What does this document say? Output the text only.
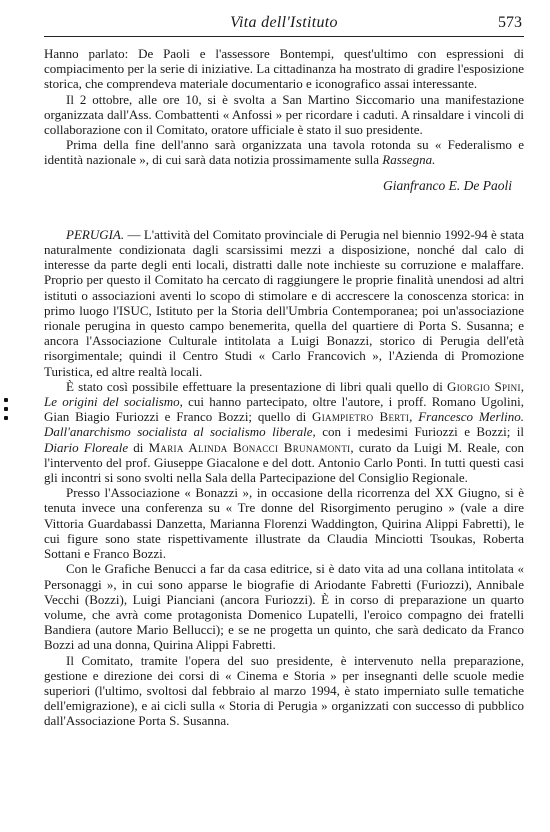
Vita dell'Istituto	573

Hanno parlato: De Paoli e l'assessore Bontempi, quest'ultimo con espressioni di compiacimento per la serie di iniziative. La cittadinanza ha mostrato di gradire l'esposizione storica, che comprendeva materiale documentario e iconografico assai interessante.

Il 2 ottobre, alle ore 10, si è svolta a San Martino Siccomario una manifestazione organizzata dall'Ass. Combattenti « Anfossi » per ricordare i caduti. A rinsaldare i vincoli di collaborazione con il Comitato, oratore ufficiale è stato il suo presidente.

Prima della fine dell'anno sarà organizzata una tavola rotonda su « Federalismo e identità nazionale », di cui sarà data notizia prossimamente sulla Rassegna.

Gianfranco E. De Paoli

PERUGIA. — L'attività del Comitato provinciale di Perugia nel biennio 1992-94 è stata naturalmente condizionata dagli scarsissimi mezzi a disposizione, nonché dal calo di interesse da parte degli enti locali, distratti dalle note inchieste su corruzione e malaffare. Proprio per questo il Comitato ha cercato di raggiungere le proprie finalità unendosi ad altri istituti o associazioni aventi lo scopo di stimolare e di accrescere la conoscenza storica: in primo luogo l'ISUC, Istituto per la Storia dell'Umbria Contemporanea; poi un'associazione rionale perugina in questo campo benemerita, quella del quartiere di Porta S. Susanna; e ancora l'Associazione Culturale intitolata a Luigi Bonazzi, storico di Perugia dell'età risorgimentale; quindi il Centro Studi « Carlo Francovich », l'Azienda di Promozione Turistica, ed altre realtà locali.

È stato così possibile effettuare la presentazione di libri quali quello di Giorgio Spini, Le origini del socialismo, cui hanno partecipato, oltre l'autore, i proff. Romano Ugolini, Gian Biagio Furiozzi e Franco Bozzi; quello di Giampietro Berti, Francesco Merlino. Dall'anarchismo socialista al socialismo liberale, con i medesimi Furiozzi e Bozzi; il Diario Floreale di Maria Alinda Bonacci Brunamonti, curato da Luigi M. Reale, con l'intervento del prof. Giuseppe Giacalone e del dott. Antonio Carlo Ponti. In tutti questi casi gli incontri si sono svolti nella Sala della Partecipazione del Consiglio Regionale.

Presso l'Associazione « Bonazzi », in occasione della ricorrenza del XX Giugno, si è tenuta invece una conferenza su « Tre donne del Risorgimento perugino » (vale a dire Vittoria Guardabassi Danzetta, Marianna Florenzi Waddington, Quirina Alippi Fabretti), le cui figure sono state rispettivamente illustrate da Claudia Minciotti Tsoukas, Roberta Sottani e Franco Bozzi.

Con le Grafiche Benucci a far da casa editrice, si è dato vita ad una collana intitolata « Personaggi », in cui sono apparse le biografie di Ariodante Fabretti (Furiozzi), Annibale Vecchi (Bozzi), Luigi Pianciani (ancora Furiozzi). È in corso di preparazione un quarto volume, che avrà come protagonista Domenico Lupatelli, l'eroico compagno dei fratelli Bandiera (autore Mario Bellucci); e se ne progetta un quinto, che sarà dedicato da Franco Bozzi ad una donna, Quirina Alippi Fabretti.

Il Comitato, tramite l'opera del suo presidente, è intervenuto nella preparazione, gestione e direzione dei corsi di « Cinema e Storia » per insegnanti delle scuole medie superiori (l'ultimo, svoltosi dal febbraio al marzo 1994, è stato imperniato sulle tematiche dell'emigrazione), e ai cicli sulla « Storia di Perugia » organizzati con successo di pubblico dall'Associazione Porta S. Susanna.
